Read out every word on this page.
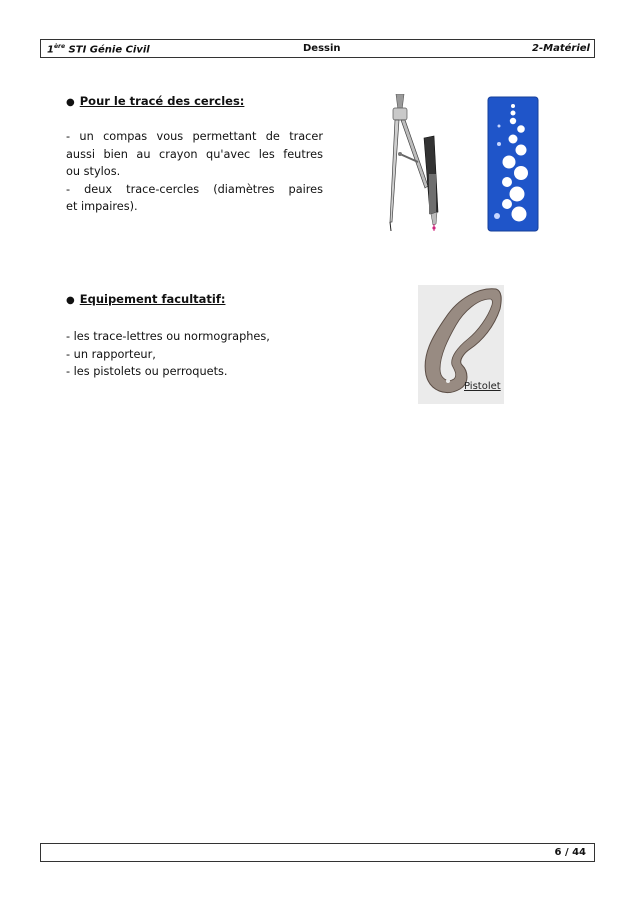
1ère STI Génie Civil	Dessin	2-Matériel
● Pour le tracé des cercles:

- un compas vous permettant de tracer

aussi bien au crayon qu'avec les feutres

ou stylos.

- deux trace-cercles (diamètres paires

et impaires).

● Equipement facultatif:

- les trace-lettres ou normographes,

- un rapporteur,

- les pistolets ou perroquets.

Pistolet
6 / 44
